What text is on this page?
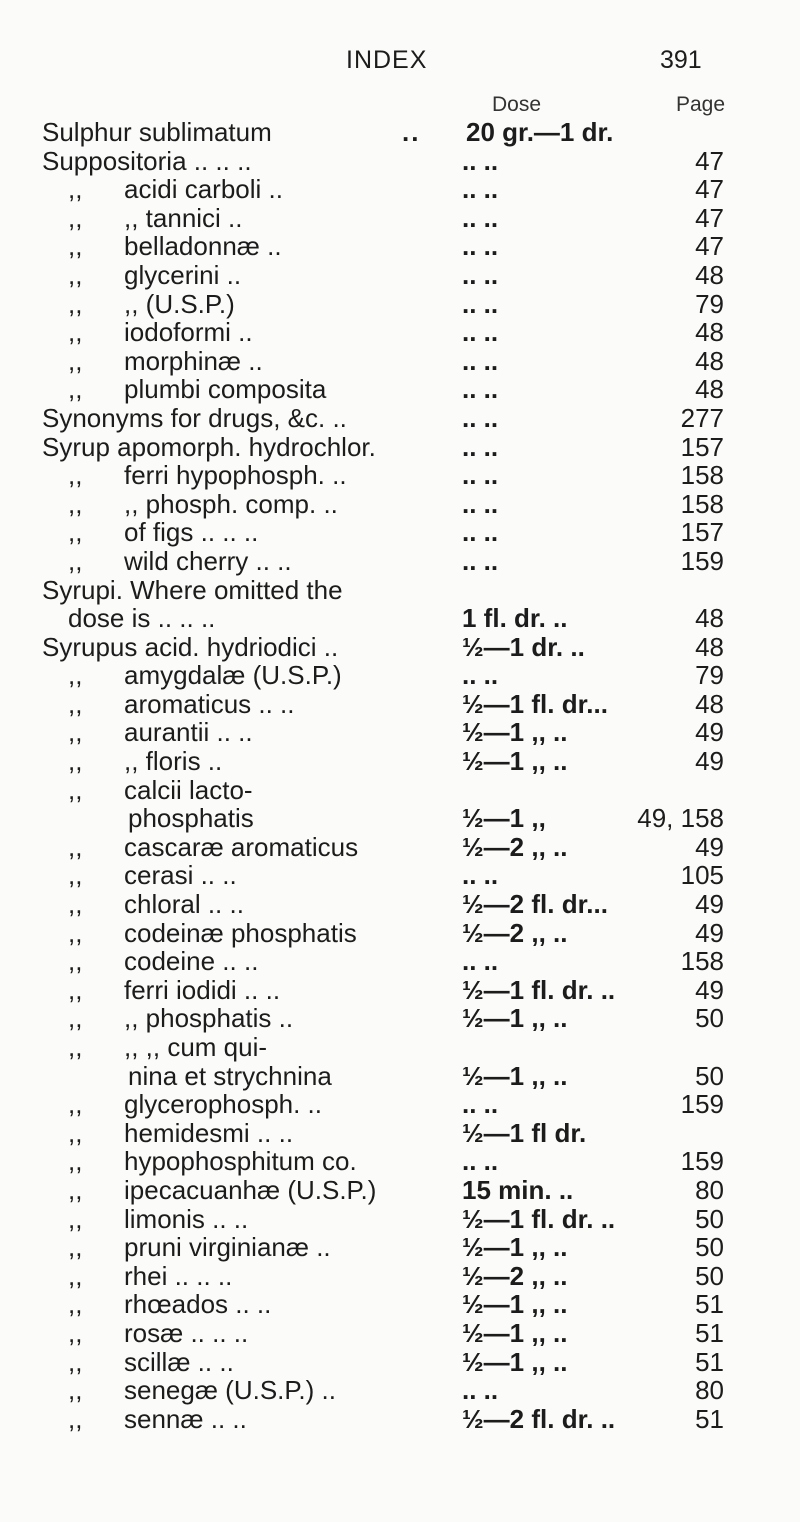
INDEX	391
Dose	Page
Sulphur sublimatum	.. 20 gr.—1 dr.
Suppositoria .. .. ..	.. ..	47
,, acidi carboli ..	.. ..	47
,, ,, tannici ..	.. ..	47
,, belladonnæ ..	.. ..	47
,, glycerini ..	.. ..	48
,, ,, (U.S.P.)	.. ..	79
,, iodoformi ..	.. ..	48
,, morphinæ ..	.. ..	48
,, plumbi composita	.. ..	48
Synonyms for drugs, &c. ..	.. ..	277
Syrup apomorph. hydrochlor.	.. ..	157
,, ferri hypophosph. ..	.. ..	158
,, ,, phosph. comp. ..	.. ..	158
,, of figs .. .. ..	.. ..	157
,, wild cherry .. ..	.. ..	159
Syrupi. Where omitted the
dose is .. .. ..	1 fl. dr. ..	48
Syrupus acid. hydriodici ..	½—1 dr. ..	48
,, amygdalæ (U.S.P.)	.. ..	79
,, aromaticus .. ..	½—1 fl. dr...	48
,, aurantii .. ..	½—1 ,, ..	49
,, ,, floris ..	½—1 ,, ..	49
,, calcii lacto-
phosphatis	½—1 ,,	49, 158
,, cascaræ aromaticus	½—2 ,, ..	49
,, cerasi .. ..	.. ..	105
,, chloral .. ..	½—2 fl. dr...	49
,, codeinæ phosphatis	½—2 ,, ..	49
,, codeine .. ..	.. ..	158
,, ferri iodidi .. ..	½—1 fl. dr. ..	49
,, ,, phosphatis ..	½—1 ,, ..	50
,, ,, ,, cum qui-
nina et strychnina	½—1 ,, ..	50
,, glycerophosph. ..	.. ..	159
,, hemidesmi .. ..	½—1 fl dr.
,, hypophosphitum co.	.. ..	159
,, ipecacuanhæ (U.S.P.)	15 min. ..	80
,, limonis .. ..	½—1 fl. dr. ..	50
,, pruni virginianæ ..	½—1 ,, ..	50
,, rhei .. .. ..	½—2 ,, ..	50
,, rhœados .. ..	½—1 ,, ..	51
,, rosæ .. .. ..	½—1 ,, ..	51
,, scillæ .. ..	½—1 ,, ..	51
,, senegæ (U.S.P.) ..	.. ..	80
,, sennæ .. ..	½—2 fl. dr. ..	51
